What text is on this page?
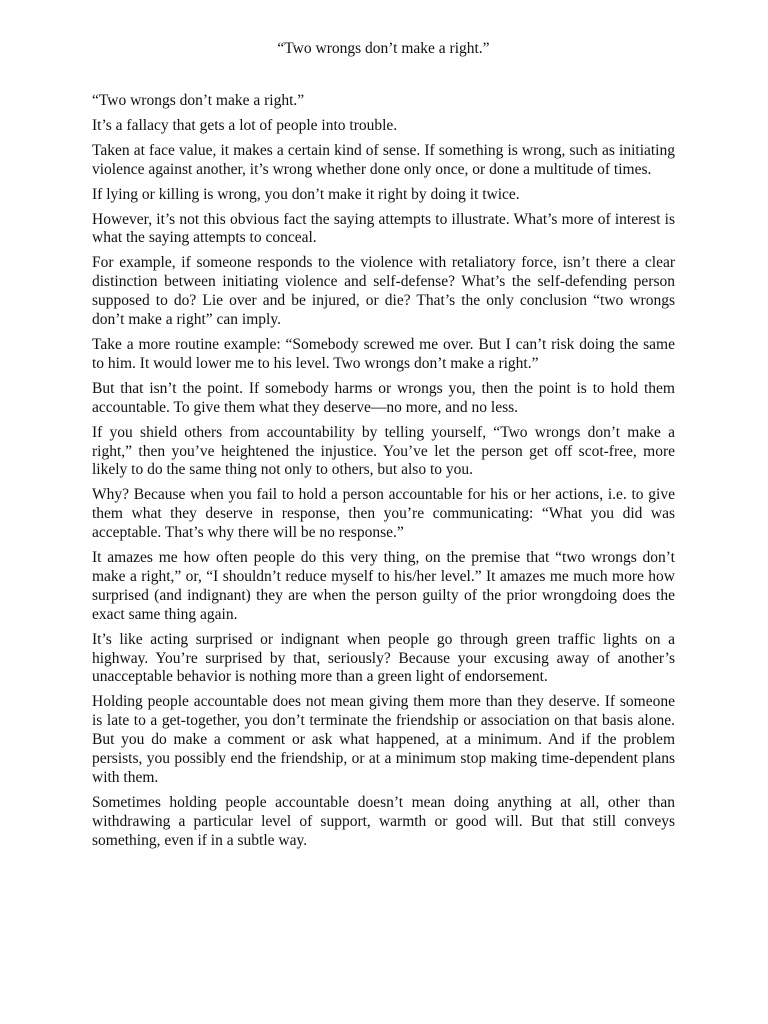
“Two wrongs don’t make a right.”

“Two wrongs don’t make a right.”

It’s a fallacy that gets a lot of people into trouble.

Taken at face value, it makes a certain kind of sense. If something is wrong, such as initiating violence against another, it’s wrong whether done only once, or done a multitude of times.

If lying or killing is wrong, you don’t make it right by doing it twice.

However, it’s not this obvious fact the saying attempts to illustrate. What’s more of interest is what the saying attempts to conceal.

For example, if someone responds to the violence with retaliatory force, isn’t there a clear distinction between initiating violence and self-defense? What’s the self-defending person supposed to do? Lie over and be injured, or die? That’s the only conclusion “two wrongs don’t make a right” can imply.

Take a more routine example: “Somebody screwed me over. But I can’t risk doing the same to him. It would lower me to his level. Two wrongs don’t make a right.”

But that isn’t the point. If somebody harms or wrongs you, then the point is to hold them accountable. To give them what they deserve—no more, and no less.

If you shield others from accountability by telling yourself, “Two wrongs don’t make a right,” then you’ve heightened the injustice. You’ve let the person get off scot-free, more likely to do the same thing not only to others, but also to you.

Why? Because when you fail to hold a person accountable for his or her actions, i.e. to give them what they deserve in response, then you’re communicating: “What you did was acceptable. That’s why there will be no response.”

It amazes me how often people do this very thing, on the premise that “two wrongs don’t make a right,” or, “I shouldn’t reduce myself to his/her level.” It amazes me much more how surprised (and indignant) they are when the person guilty of the prior wrongdoing does the exact same thing again.

It’s like acting surprised or indignant when people go through green traffic lights on a highway. You’re surprised by that, seriously? Because your excusing away of another’s unacceptable behavior is nothing more than a green light of endorsement.

Holding people accountable does not mean giving them more than they deserve. If someone is late to a get-together, you don’t terminate the friendship or association on that basis alone. But you do make a comment or ask what happened, at a minimum. And if the problem persists, you possibly end the friendship, or at a minimum stop making time-dependent plans with them.

Sometimes holding people accountable doesn’t mean doing anything at all, other than withdrawing a particular level of support, warmth or good will. But that still conveys something, even if in a subtle way.
